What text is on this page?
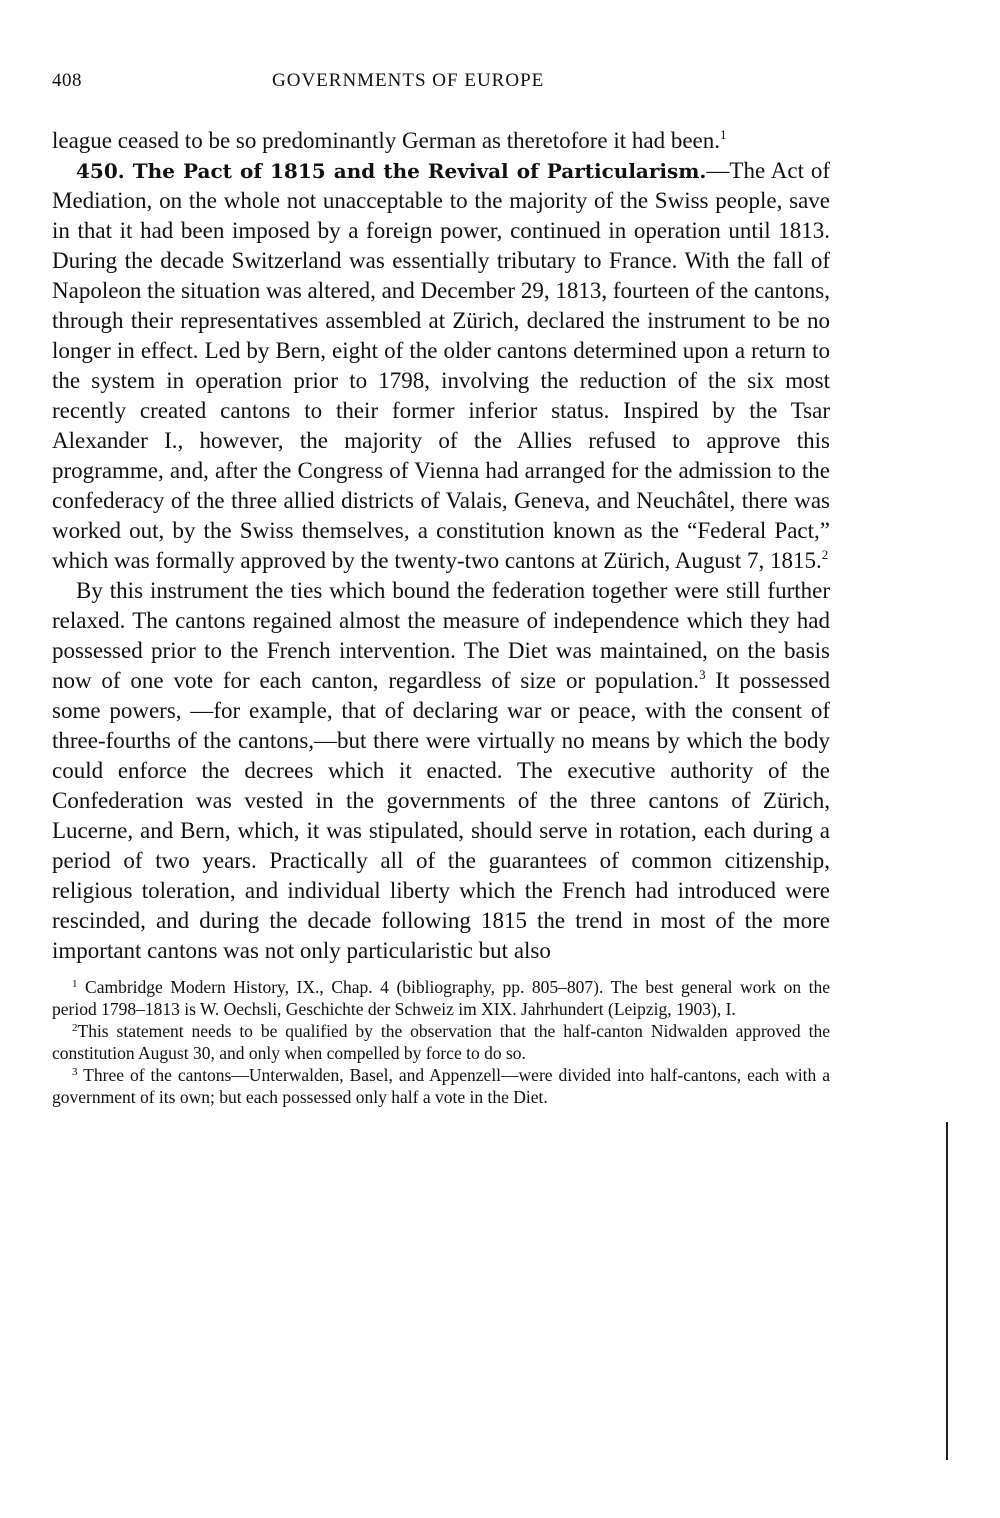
408	GOVERNMENTS OF EUROPE

league ceased to be so predominantly German as theretofore it had been.$^1$

450. The Pact of 1815 and the Revival of Particularism.—The Act of Mediation, on the whole not unacceptable to the majority of the Swiss people, save in that it had been imposed by a foreign power, continued in operation until 1813. During the decade Switzerland was essentially tributary to France. With the fall of Napoleon the situation was altered, and December 29, 1813, fourteen of the cantons, through their representatives assembled at Zürich, declared the instrument to be no longer in effect. Led by Bern, eight of the older cantons determined upon a return to the system in operation prior to 1798, involving the reduction of the six most recently created cantons to their former inferior status. Inspired by the Tsar Alexander I., however, the majority of the Allies refused to approve this programme, and, after the Congress of Vienna had arranged for the admission to the confederacy of the three allied districts of Valais, Geneva, and Neuchâtel, there was worked out, by the Swiss themselves, a constitution known as the “Federal Pact,” which was formally approved by the twenty-two cantons at Zürich, August 7, 1815.$^2$

By this instrument the ties which bound the federation together were still further relaxed. The cantons regained almost the measure of independence which they had possessed prior to the French intervention. The Diet was maintained, on the basis now of one vote for each canton, regardless of size or population.$^3$ It possessed some powers, —for example, that of declaring war or peace, with the consent of three-fourths of the cantons,—but there were virtually no means by which the body could enforce the decrees which it enacted. The executive authority of the Confederation was vested in the governments of the three cantons of Zürich, Lucerne, and Bern, which, it was stipulated, should serve in rotation, each during a period of two years. Practically all of the guarantees of common citizenship, religious toleration, and individual liberty which the French had introduced were rescinded, and during the decade following 1815 the trend in most of the more important cantons was not only particularistic but also

$^1$ Cambridge Modern History, IX., Chap. 4 (bibliography, pp. 805–807). The best general work on the period 1798–1813 is W. Oechsli, Geschichte der Schweiz im XIX. Jahrhundert (Leipzig, 1903), I.

$^2$This statement needs to be qualified by the observation that the half-canton Nidwalden approved the constitution August 30, and only when compelled by force to do so.

$^3$ Three of the cantons—Unterwalden, Basel, and Appenzell—were divided into half-cantons, each with a government of its own; but each possessed only half a vote in the Diet.
